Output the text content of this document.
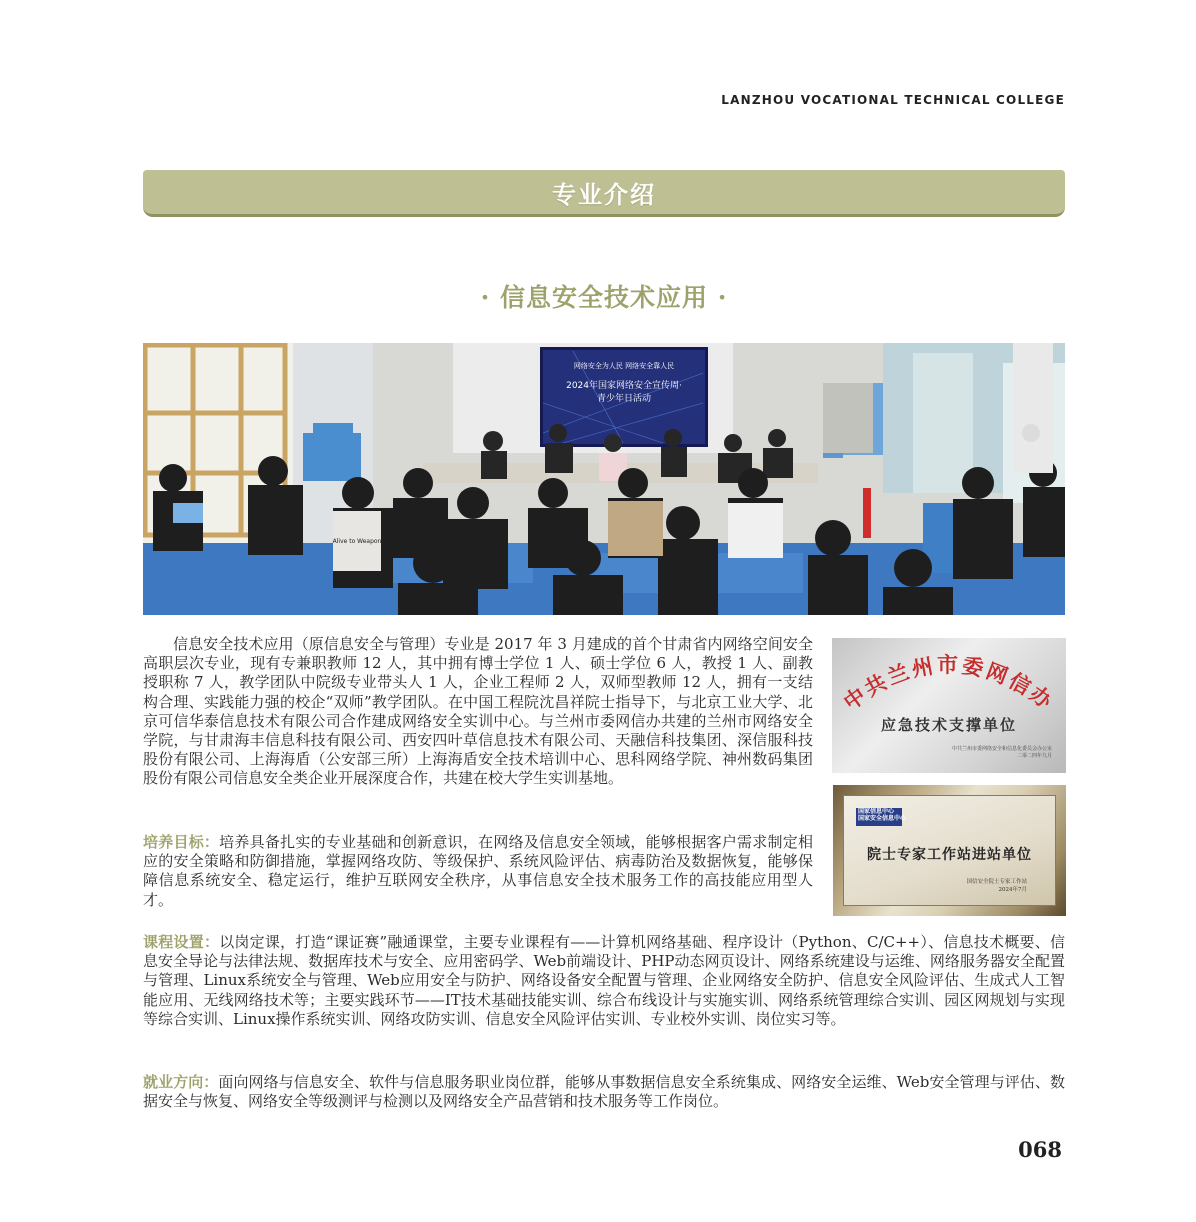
LANZHOU VOCATIONAL TECHNICAL COLLEGE
专业介绍
· 信息安全技术应用 ·
网络安全为人民 网络安全靠人民
2024年国家网络安全宣传周·
青少年日活动
Alive to Weapon

信息安全技术应用（原信息安全与管理）专业是 2017 年 3 月建成的首个甘肃省内网络空间安全高职层次专业，现有专兼职教师 12 人，其中拥有博士学位 1 人、硕士学位 6 人，教授 1 人、副教授职称 7 人，教学团队中院级专业带头人 1 人，企业工程师 2 人，双师型教师 12 人，拥有一支结构合理、实践能力强的校企“双师”教学团队。在中国工程院沈昌祥院士指导下，与北京工业大学、北京可信华泰信息技术有限公司合作建成网络安全实训中心。与兰州市委网信办共建的兰州市网络安全学院，与甘肃海丰信息科技有限公司、西安四叶草信息技术有限公司、天融信科技集团、深信服科技股份有限公司、上海海盾（公安部三所）上海海盾安全技术培训中心、思科网络学院、神州数码集团股份有限公司信息安全类企业开展深度合作，共建在校大学生实训基地。

中共兰州市委网信办
应急技术支撑单位
中共兰州市委网络安全和信息化委员会办公室
二零二四年九月
国家信息中心
国家安全信息中心
院士专家工作站进站单位
国信安全院士专家工作站
2024年7月

培养目标：培养具备扎实的专业基础和创新意识，在网络及信息安全领域，能够根据客户需求制定相应的安全策略和防御措施，掌握网络攻防、等级保护、系统风险评估、病毒防治及数据恢复，能够保障信息系统安全、稳定运行，维护互联网安全秩序，从事信息安全技术服务工作的高技能应用型人才。

课程设置：以岗定课，打造“课证赛”融通课堂，主要专业课程有——计算机网络基础、程序设计（Python、C/C++）、信息技术概要、信息安全导论与法律法规、数据库技术与安全、应用密码学、Web前端设计、PHP动态网页设计、网络系统建设与运维、网络服务器安全配置与管理、Linux系统安全与管理、Web应用安全与防护、网络设备安全配置与管理、企业网络安全防护、信息安全风险评估、生成式人工智能应用、无线网络技术等；主要实践环节——IT技术基础技能实训、综合布线设计与实施实训、网络系统管理综合实训、园区网规划与实现等综合实训、Linux操作系统实训、网络攻防实训、信息安全风险评估实训、专业校外实训、岗位实习等。

就业方向：面向网络与信息安全、软件与信息服务职业岗位群，能够从事数据信息安全系统集成、网络安全运维、Web安全管理与评估、数据安全与恢复、网络安全等级测评与检测以及网络安全产品营销和技术服务等工作岗位。

068
